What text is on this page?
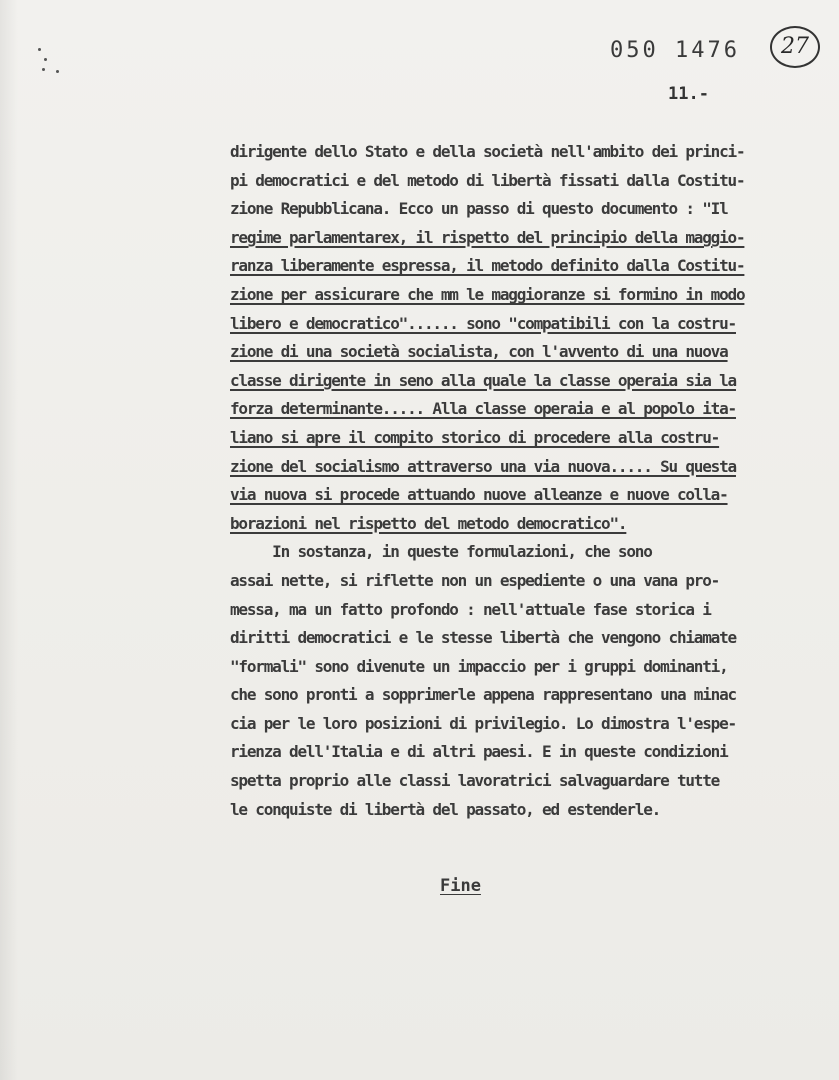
050 1476	27
11.-
dirigente dello Stato e della società nell'ambito dei princi-
pi democratici e del metodo di libertà fissati dalla Costitu-
zione Repubblicana. Ecco un passo di questo documento : "Il
regime parlamentarex, il rispetto del principio della maggio-
ranza liberamente espressa, il metodo definito dalla Costitu-
zione per assicurare che mm le maggioranze si formino in modo
libero e democratico"...... sono "compatibili con la costru-
zione di una società socialista, con l'avvento di una nuova
classe dirigente in seno alla quale la classe operaia sia la
forza determinante..... Alla classe operaia e al popolo ita-
liano si apre il compito storico di procedere alla costru-
zione del socialismo attraverso una via nuova..... Su questa
via nuova si procede attuando nuove alleanze e nuove colla-
borazioni nel rispetto del metodo democratico".
In sostanza, in queste formulazioni, che sono
assai nette, si riflette non un espediente o una vana pro-
messa, ma un fatto profondo : nell'attuale fase storica i
diritti democratici e le stesse libertà che vengono chiamate
"formali" sono divenute un impaccio per i gruppi dominanti,
che sono pronti a sopprimerle appena rappresentano una minac
cia per le loro posizioni di privilegio. Lo dimostra l'espe-
rienza dell'Italia e di altri paesi. E in queste condizioni
spetta proprio alle classi lavoratrici salvaguardare tutte
le conquiste di libertà del passato, ed estenderle.
Fine
